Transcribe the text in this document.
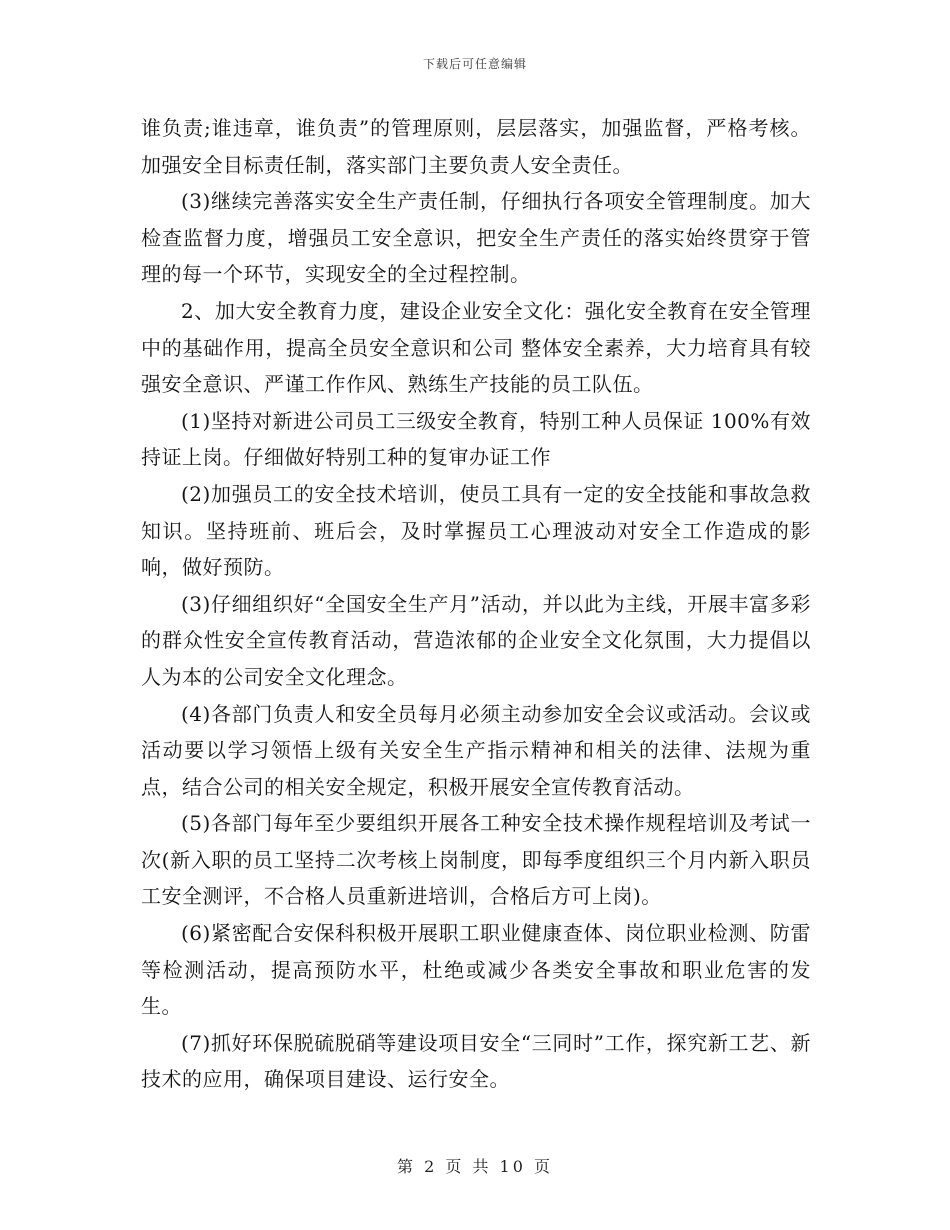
下载后可任意编辑

谁负责;谁违章，谁负责”的管理原则，层层落实，加强监督，严格考核。加强安全目标责任制，落实部门主要负责人安全责任。

(3)继续完善落实安全生产责任制，仔细执行各项安全管理制度。加大检查监督力度，增强员工安全意识，把安全生产责任的落实始终贯穿于管理的每一个环节，实现安全的全过程控制。

2、加大安全教育力度，建设企业安全文化：强化安全教育在安全管理中的基础作用，提高全员安全意识和公司 整体安全素养，大力培育具有较强安全意识、严谨工作作风、熟练生产技能的员工队伍。

(1)坚持对新进公司员工三级安全教育，特别工种人员保证 100%有效持证上岗。仔细做好特别工种的复审办证工作

(2)加强员工的安全技术培训，使员工具有一定的安全技能和事故急救知识。坚持班前、班后会，及时掌握员工心理波动对安全工作造成的影响，做好预防。

(3)仔细组织好“全国安全生产月”活动，并以此为主线，开展丰富多彩的群众性安全宣传教育活动，营造浓郁的企业安全文化氛围，大力提倡以人为本的公司安全文化理念。

(4)各部门负责人和安全员每月必须主动参加安全会议或活动。会议或活动要以学习领悟上级有关安全生产指示精神和相关的法律、法规为重点，结合公司的相关安全规定，积极开展安全宣传教育活动。

(5)各部门每年至少要组织开展各工种安全技术操作规程培训及考试一次(新入职的员工坚持二次考核上岗制度，即每季度组织三个月内新入职员工安全测评，不合格人员重新进培训，合格后方可上岗)。

(6)紧密配合安保科积极开展职工职业健康查体、岗位职业检测、防雷等检测活动，提高预防水平，杜绝或减少各类安全事故和职业危害的发生。

(7)抓好环保脱硫脱硝等建设项目安全“三同时”工作，探究新工艺、新技术的应用，确保项目建设、运行安全。

第 2 页 共 10 页
